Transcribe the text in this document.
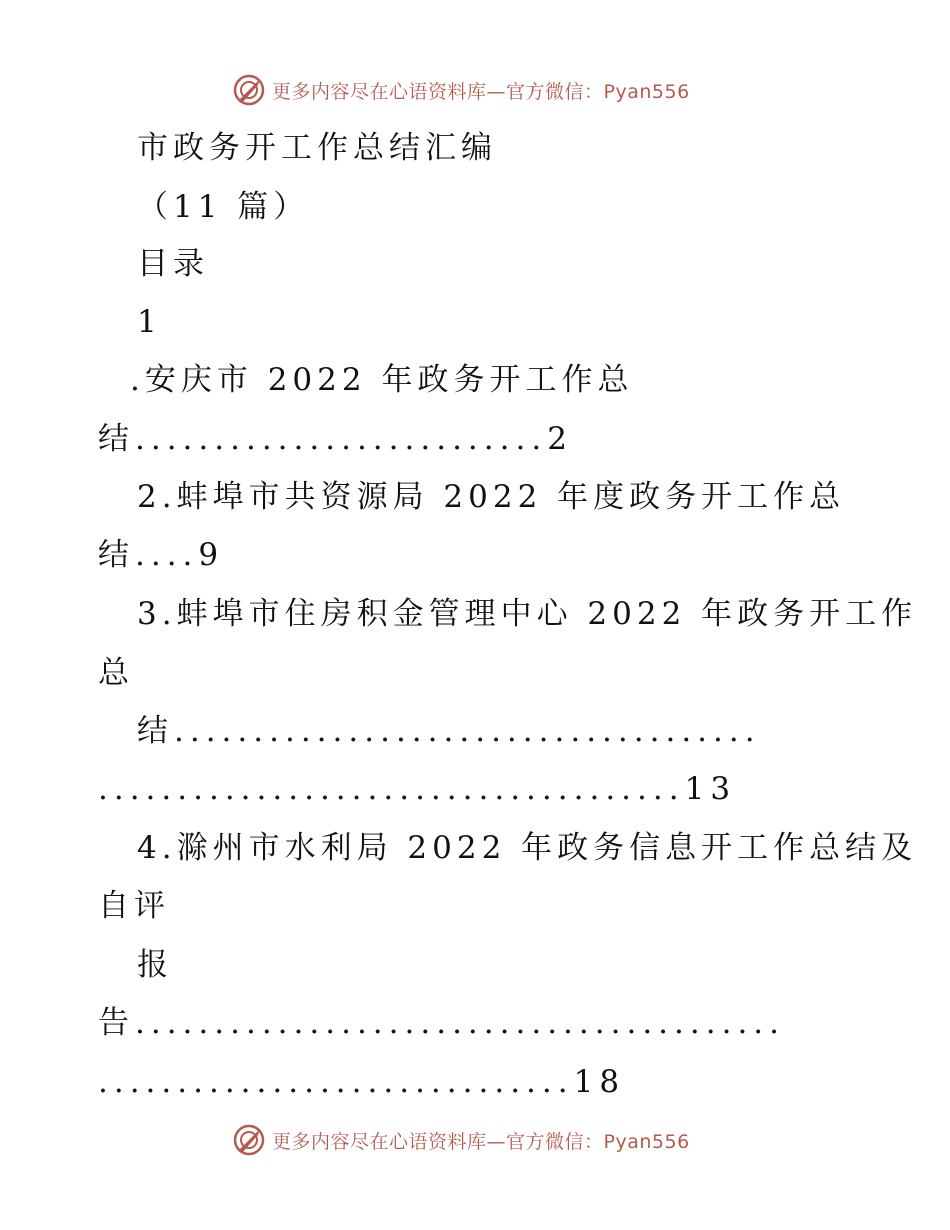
更多内容尽在心语资料库—官方微信：Pyan556

市政务开工作总结汇编

（11 篇）

目录

1

.安庆市 2022 年政务开工作总

结..........................2

2.蚌埠市共资源局 2022 年度政务开工作总

结....9

3.蚌埠市住房积金管理中心 2022 年政务开工作

总

结.....................................

.....................................13

4.滁州市水利局 2022 年政务信息开工作总结及

自评

报

告.........................................

..............................18

更多内容尽在心语资料库—官方微信：Pyan556
